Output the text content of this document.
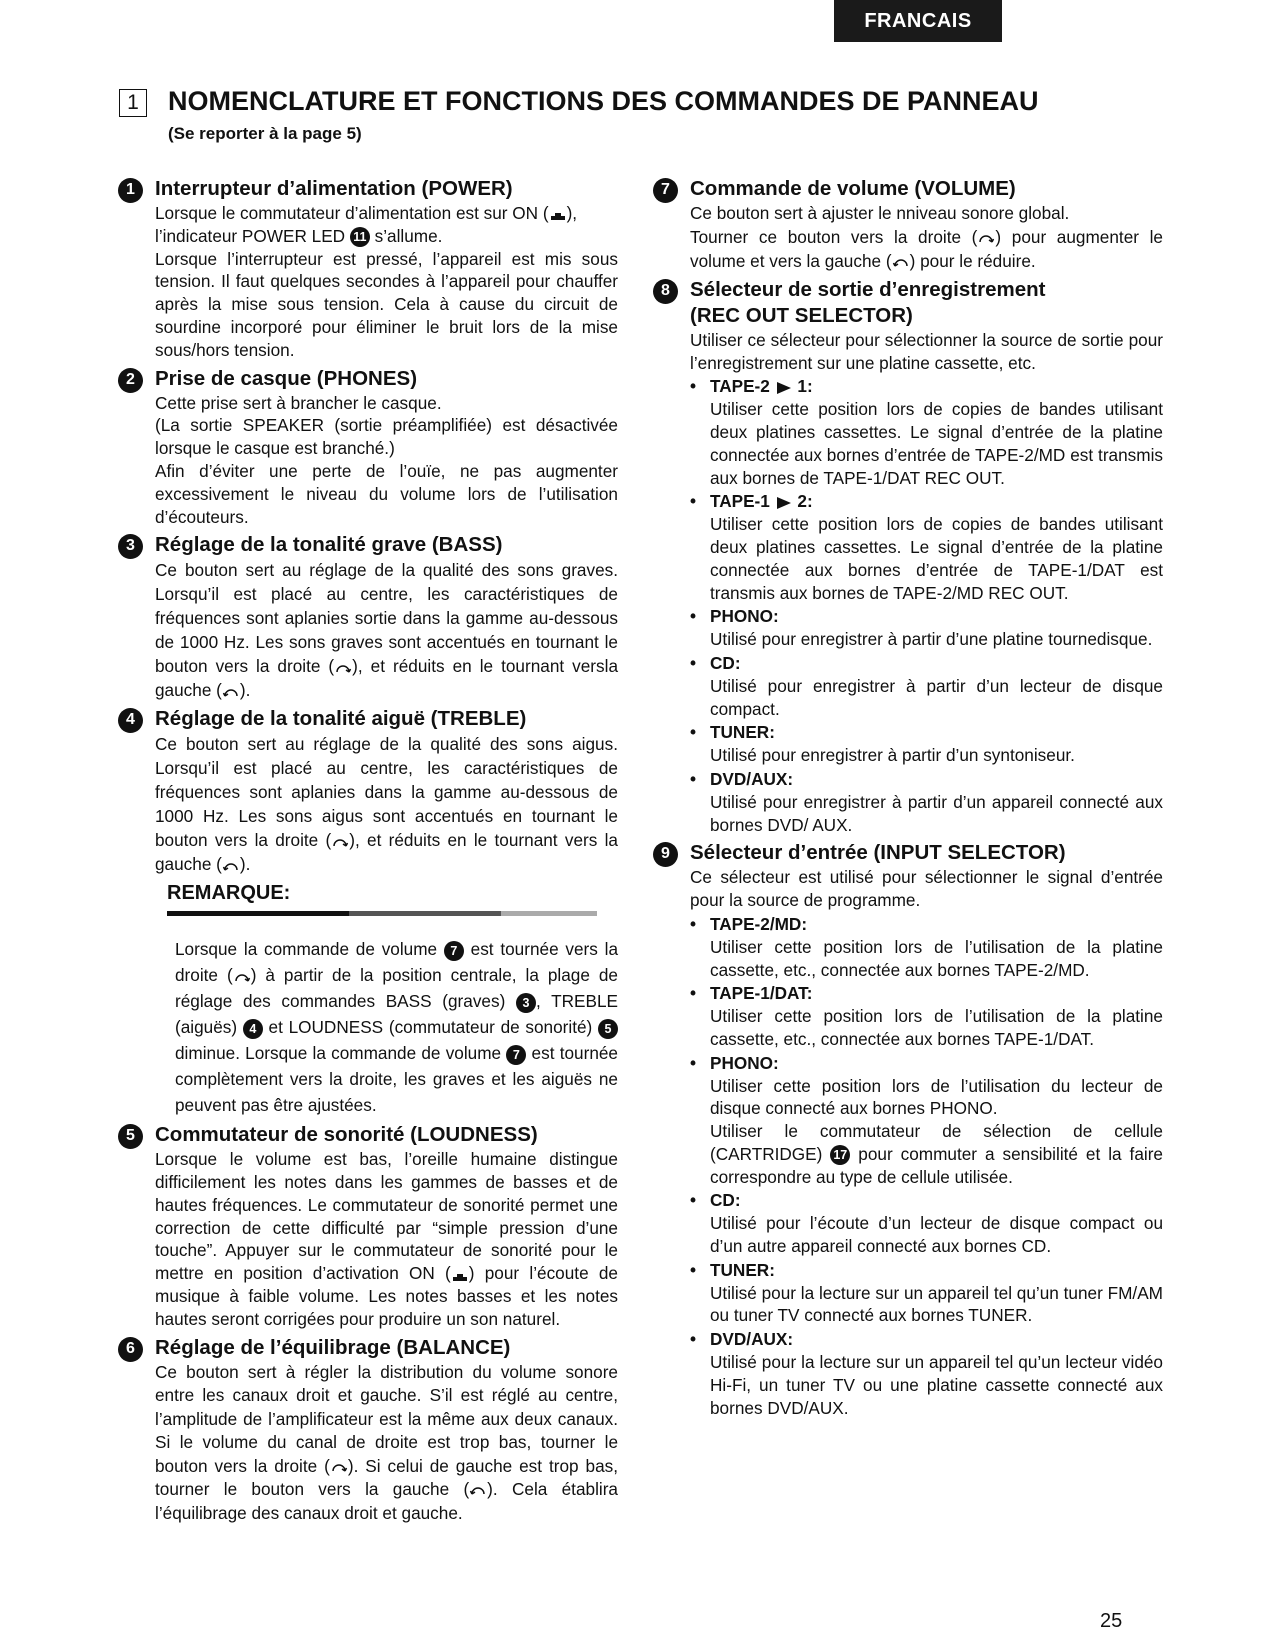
FRANCAIS
1	NOMENCLATURE ET FONCTIONS DES COMMANDES DE PANNEAU
(Se reporter à la page 5)
1 Interrupteur d’alimentation (POWER)

Lorsque le commutateur d’alimentation est sur ON ( ),
l’indicateur POWER LED 11 s’allume.
Lorsque l’interrupteur est pressé, l’appareil est mis sous tension. Il faut quelques secondes à l’appareil pour chauffer après la mise sous tension. Cela à cause du circuit de sourdine incorporé pour éliminer le bruit lors de la mise sous/hors tension.

2 Prise de casque (PHONES)

Cette prise sert à brancher le casque.

(La sortie SPEAKER (sortie préamplifiée) est désactivée lorsque le casque est branché.)

Afin d’éviter une perte de l’ouïe, ne pas augmenter excessivement le niveau du volume lors de l’utilisation d’écouteurs.

3 Réglage de la tonalité grave (BASS)

Ce bouton sert au réglage de la qualité des sons graves. Lorsqu’il est placé au centre, les caractéristiques de fréquences sont aplanies sortie dans la gamme au-dessous de 1000 Hz. Les sons graves sont accentués en tournant le bouton vers la droite ( ), et réduits en le tournant versla gauche ( ).

4 Réglage de la tonalité aiguë (TREBLE)

Ce bouton sert au réglage de la qualité des sons aigus. Lorsqu’il est placé au centre, les caractéristiques de fréquences sont aplanies dans la gamme au-dessous de 1000 Hz. Les sons aigus sont accentués en tournant le bouton vers la droite ( ), et réduits en le tournant vers la gauche ( ).

REMARQUE:

Lorsque la commande de volume 7 est tournée vers la droite ( ) à partir de la position centrale, la plage de réglage des commandes BASS (graves) 3 , TREBLE (aiguës) 4 et LOUDNESS (commutateur de sonorité) 5 diminue. Lorsque la commande de volume 7 est tournée complètement vers la droite, les graves et les aiguës ne peuvent pas être ajustées.

5 Commutateur de sonorité (LOUDNESS)

Lorsque le volume est bas, l’oreille humaine distingue difficilement les notes dans les gammes de basses et de hautes fréquences. Le commutateur de sonorité permet une correction de cette difficulté par “simple pression d’une touche”. Appuyer sur le commutateur de sonorité pour le mettre en position d’activation ON ( ) pour l’écoute de musique à faible volume. Les notes basses et les notes hautes seront corrigées pour produire un son naturel.

6 Réglage de l’équilibrage (BALANCE)

Ce bouton sert à régler la distribution du volume sonore entre les canaux droit et gauche. S’il est réglé au centre, l’amplitude de l’amplificateur est la même aux deux canaux. Si le volume du canal de droite est trop bas, tourner le bouton vers la droite ( ). Si celui de gauche est trop bas, tourner le bouton vers la gauche ( ). Cela établira l’équilibrage des canaux droit et gauche.

7 Commande de volume (VOLUME)

Ce bouton sert à ajuster le nniveau sonore global.

Tourner ce bouton vers la droite ( ) pour augmenter le volume et vers la gauche ( ) pour le réduire.

8 Sélecteur de sortie d’enregistrement
(REC OUT SELECTOR)

Utiliser ce sélecteur pour sélectionner la source de sortie pour l’enregistrement sur une platine cassette, etc.

• TAPE-2
1:

Utiliser cette position lors de copies de bandes utilisant deux platines cassettes. Le signal d’entrée de la platine connectée aux bornes d’entrée de TAPE-2/MD est transmis aux bornes de TAPE-1/DAT REC OUT.

• TAPE-1
2:

Utiliser cette position lors de copies de bandes utilisant deux platines cassettes. Le signal d’entrée de la platine connectée aux bornes d’entrée de TAPE-1/DAT est transmis aux bornes de TAPE-2/MD REC OUT.

• PHONO:

Utilisé pour enregistrer à partir d’une platine tournedisque.

• CD:

Utilisé pour enregistrer à partir d’un lecteur de disque compact.

• TUNER:

Utilisé pour enregistrer à partir d’un syntoniseur.

• DVD/AUX:

Utilisé pour enregistrer à partir d’un appareil connecté aux bornes DVD/ AUX.

9 Sélecteur d’entrée (INPUT SELECTOR)

Ce sélecteur est utilisé pour sélectionner le signal d’entrée pour la source de programme.

• TAPE-2/MD:

Utiliser cette position lors de l’utilisation de la platine cassette, etc., connectée aux bornes TAPE-2/MD.

• TAPE-1/DAT:

Utiliser cette position lors de l’utilisation de la platine cassette, etc., connectée aux bornes TAPE-1/DAT.

• PHONO:

Utiliser cette position lors de l’utilisation du lecteur de disque connecté aux bornes PHONO.

Utiliser le commutateur de sélection de cellule (CARTRIDGE) 17 pour commuter a sensibilité et la faire correspondre au type de cellule utilisée.

• CD:

Utilisé pour l’écoute d’un lecteur de disque compact ou d’un autre appareil connecté aux bornes CD.

• TUNER:

Utilisé pour la lecture sur un appareil tel qu’un tuner FM/AM ou tuner TV connecté aux bornes TUNER.

• DVD/AUX:

Utilisé pour la lecture sur un appareil tel qu’un lecteur vidéo Hi-Fi, un tuner TV ou une platine cassette connecté aux bornes DVD/AUX.

25
